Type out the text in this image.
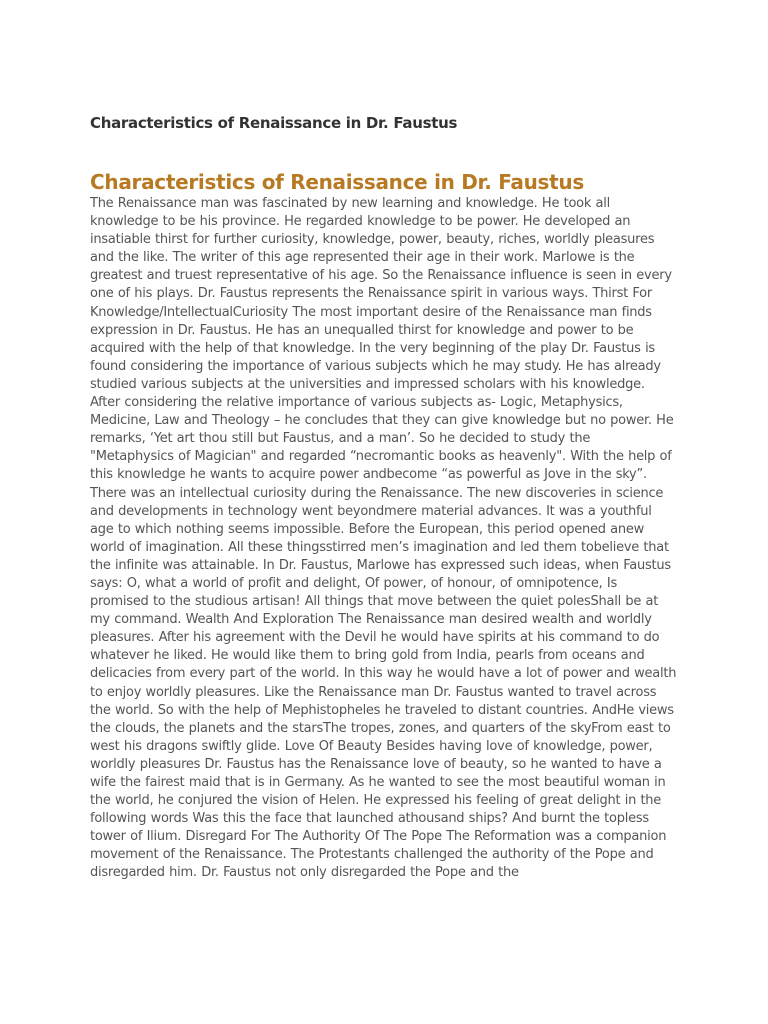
Characteristics of Renaissance in Dr. Faustus
Characteristics of Renaissance in Dr. Faustus

The Renaissance man was fascinated by new learning and knowledge. He took all knowledge to be his province. He regarded knowledge to be power. He developed an insatiable thirst for further curiosity, knowledge, power, beauty, riches, worldly pleasures and the like. The writer of this age represented their age in their work. Marlowe is the greatest and truest representative of his age. So the Renaissance influence is seen in every one of his plays. Dr. Faustus represents the Renaissance spirit in various ways. Thirst For Knowledge/IntellectualCuriosity The most important desire of the Renaissance man finds expression in Dr. Faustus. He has an unequalled thirst for knowledge and power to be acquired with the help of that knowledge. In the very beginning of the play Dr. Faustus is found considering the importance of various subjects which he may study. He has already studied various subjects at the universities and impressed scholars with his knowledge. After considering the relative importance of various subjects as- Logic, Metaphysics, Medicine, Law and Theology – he concludes that they can give knowledge but no power. He remarks, ‘Yet art thou still but Faustus, and a man’. So he decided to study the "Metaphysics of Magician" and regarded “necromantic books as heavenly". With the help of this knowledge he wants to acquire power andbecome “as powerful as Jove in the sky”. There was an intellectual curiosity during the Renaissance. The new discoveries in science and developments in technology went beyondmere material advances. It was a youthful age to which nothing seems impossible. Before the European, this period opened anew world of imagination. All these thingsstirred men’s imagination and led them tobelieve that the infinite was attainable. In Dr. Faustus, Marlowe has expressed such ideas, when Faustus says: O, what a world of profit and delight, Of power, of honour, of omnipotence, Is promised to the studious artisan! All things that move between the quiet polesShall be at my command. Wealth And Exploration The Renaissance man desired wealth and worldly pleasures. After his agreement with the Devil he would have spirits at his command to do whatever he liked. He would like them to bring gold from India, pearls from oceans and delicacies from every part of the world. In this way he would have a lot of power and wealth to enjoy worldly pleasures. Like the Renaissance man Dr. Faustus wanted to travel across the world. So with the help of Mephistopheles he traveled to distant countries. AndHe views the clouds, the planets and the starsThe tropes, zones, and quarters of the skyFrom east to west his dragons swiftly glide. Love Of Beauty Besides having love of knowledge, power, worldly pleasures Dr. Faustus has the Renaissance love of beauty, so he wanted to have a wife the fairest maid that is in Germany. As he wanted to see the most beautiful woman in the world, he conjured the vision of Helen. He expressed his feeling of great delight in the following words Was this the face that launched athousand ships? And burnt the topless tower of Ilium. Disregard For The Authority Of The Pope The Reformation was a companion movement of the Renaissance. The Protestants challenged the authority of the Pope and disregarded him. Dr. Faustus not only disregarded the Pope and the
